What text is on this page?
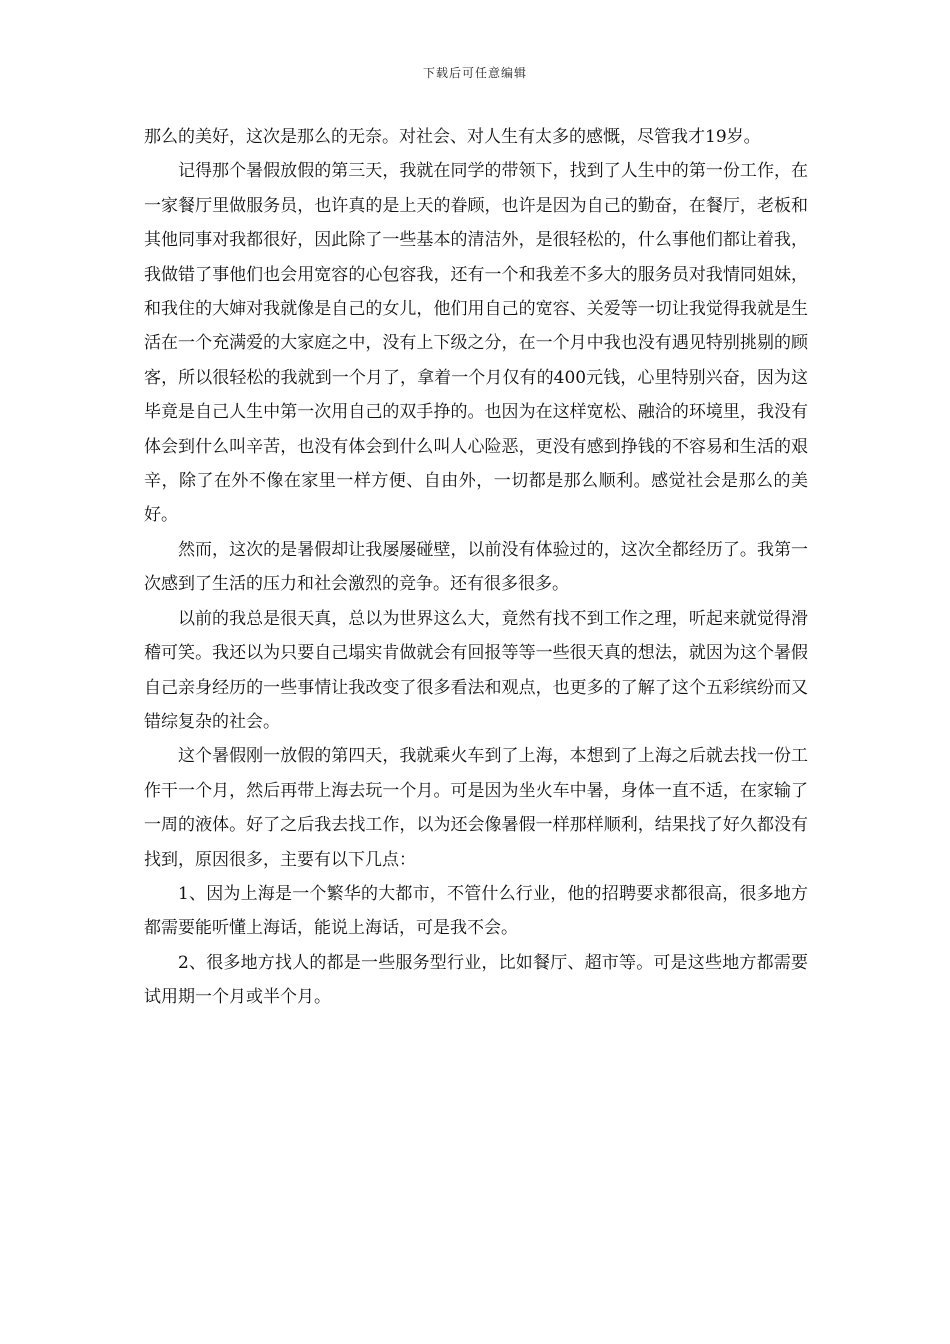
下载后可任意编辑

那么的美好，这次是那么的无奈。对社会、对人生有太多的感慨，尽管我才19岁。

记得那个暑假放假的第三天，我就在同学的带领下，找到了人生中的第一份工作，在一家餐厅里做服务员，也许真的是上天的眷顾，也许是因为自己的勤奋，在餐厅，老板和其他同事对我都很好，因此除了一些基本的清洁外，是很轻松的，什么事他们都让着我，我做错了事他们也会用宽容的心包容我，还有一个和我差不多大的服务员对我情同姐妹，和我住的大婶对我就像是自己的女儿，他们用自己的宽容、关爱等一切让我觉得我就是生活在一个充满爱的大家庭之中，没有上下级之分，在一个月中我也没有遇见特别挑剔的顾客，所以很轻松的我就到一个月了，拿着一个月仅有的400元钱，心里特别兴奋，因为这毕竟是自己人生中第一次用自己的双手挣的。也因为在这样宽松、融洽的环境里，我没有体会到什么叫辛苦，也没有体会到什么叫人心险恶，更没有感到挣钱的不容易和生活的艰辛，除了在外不像在家里一样方便、自由外，一切都是那么顺利。感觉社会是那么的美好。

然而，这次的是暑假却让我屡屡碰壁，以前没有体验过的，这次全都经历了。我第一次感到了生活的压力和社会激烈的竞争。还有很多很多。

以前的我总是很天真，总以为世界这么大，竟然有找不到工作之理，听起来就觉得滑稽可笑。我还以为只要自己塌实肯做就会有回报等等一些很天真的想法，就因为这个暑假自己亲身经历的一些事情让我改变了很多看法和观点，也更多的了解了这个五彩缤纷而又错综复杂的社会。

这个暑假刚一放假的第四天，我就乘火车到了上海，本想到了上海之后就去找一份工作干一个月，然后再带上海去玩一个月。可是因为坐火车中暑，身体一直不适，在家输了一周的液体。好了之后我去找工作，以为还会像暑假一样那样顺利，结果找了好久都没有找到，原因很多，主要有以下几点：

1、因为上海是一个繁华的大都市，不管什么行业，他的招聘要求都很高，很多地方都需要能听懂上海话，能说上海话，可是我不会。

2、很多地方找人的都是一些服务型行业，比如餐厅、超市等。可是这些地方都需要试用期一个月或半个月。
